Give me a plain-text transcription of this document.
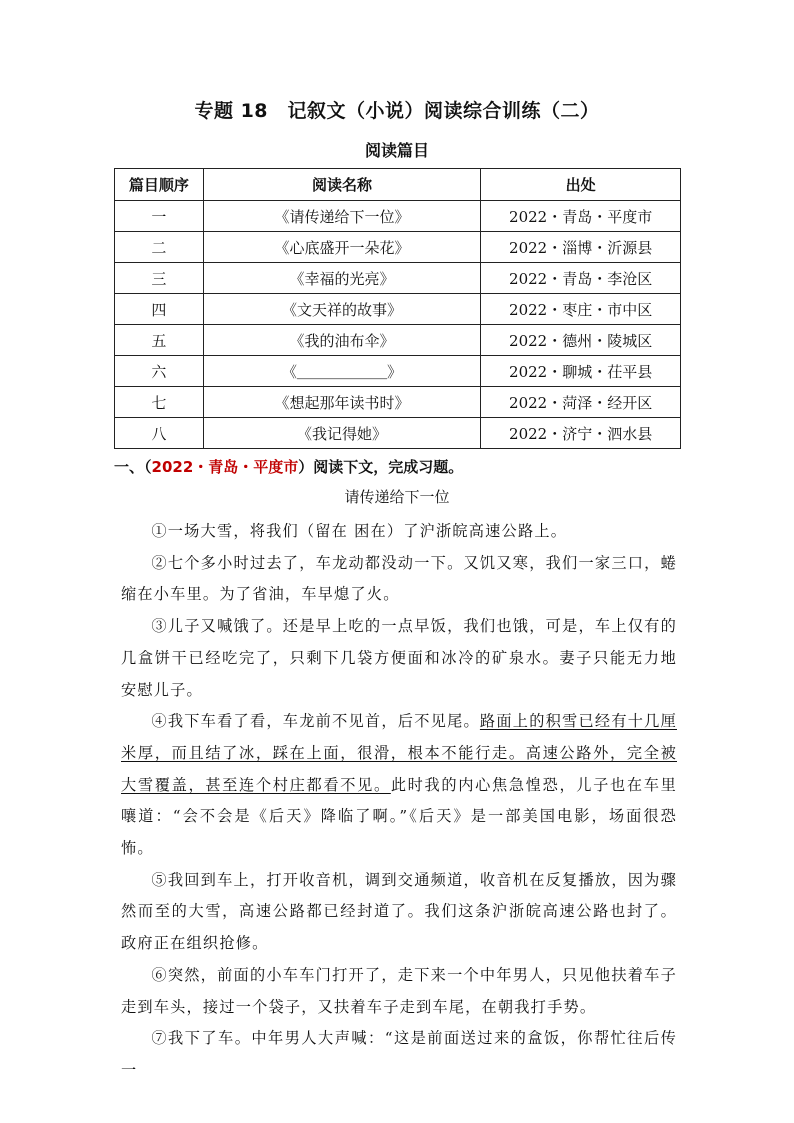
专题 18　记叙文（小说）阅读综合训练（二）
阅读篇目
篇目顺序	阅读名称	出处
一	《请传递给下一位》	2022・青岛・平度市
二	《心底盛开一朵花》	2022・淄博・沂源县
三	《幸福的光亮》	2022・青岛・李沧区
四	《文天祥的故事》	2022・枣庄・市中区
五	《我的油布伞》	2022・德州・陵城区
六	《＿＿＿＿＿＿》	2022・聊城・茌平县
七	《想起那年读书时》	2022・菏泽・经开区
八	《我记得她》	2022・济宁・泗水县
一、（2022・青岛・平度市）阅读下文，完成习题。
请传递给下一位

①一场大雪，将我们（留在 困在）了沪浙皖高速公路上。

②七个多小时过去了，车龙动都没动一下。又饥又寒，我们一家三口，蜷缩在小车里。为了省油，车早熄了火。

③儿子又喊饿了。还是早上吃的一点早饭，我们也饿，可是，车上仅有的几盒饼干已经吃完了，只剩下几袋方便面和冰冷的矿泉水。妻子只能无力地安慰儿子。

④我下车看了看，车龙前不见首，后不见尾。路面上的积雪已经有十几厘米厚，而且结了冰，踩在上面，很滑，根本不能行走。高速公路外，完全被大雪覆盖，甚至连个村庄都看不见。此时我的内心焦急惶恐，儿子也在车里嚷道：“会不会是《后天》降临了啊。”《后天》是一部美国电影，场面很恐怖。

⑤我回到车上，打开收音机，调到交通频道，收音机在反复播放，因为骤然而至的大雪，高速公路都已经封道了。我们这条沪浙皖高速公路也封了。政府正在组织抢修。

⑥突然，前面的小车车门打开了，走下来一个中年男人，只见他扶着车子走到车头，接过一个袋子，又扶着车子走到车尾，在朝我打手势。

⑦我下了车。中年男人大声喊：“这是前面送过来的盒饭，你帮忙往后传一
